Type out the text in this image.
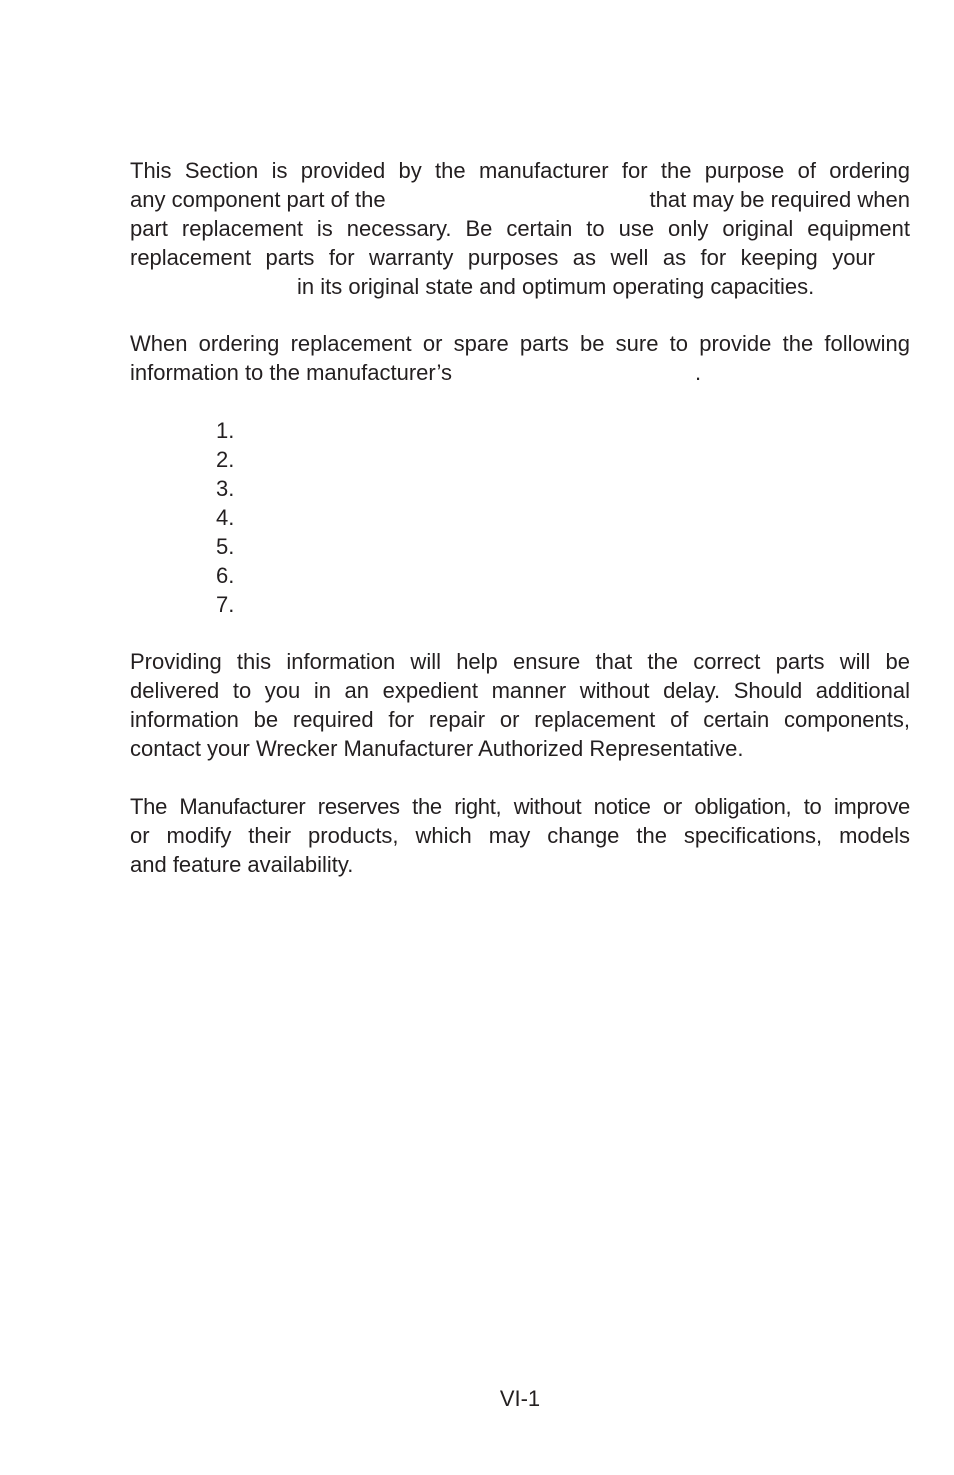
This Section is provided by the manufacturer for the purpose of ordering
any component part of the	that may be required when
part replacement is necessary. Be certain to use only original equipment
replacement parts for warranty purposes as well as for keeping your
in its original state and optimum operating capacities.
When ordering replacement or spare parts be sure to provide the following
information to the manufacturer’s	.
1.
2.
3.
4.
5.
6.
7.
Providing this information will help ensure that the correct parts will be
delivered to you in an expedient manner without delay. Should additional
information be required for repair or replacement of certain components,
contact your Wrecker Manufacturer Authorized Representative.
The Manufacturer reserves the right, without notice or obligation, to improve
or modify their products, which may change the specifications, models
and feature availability.
VI-1
